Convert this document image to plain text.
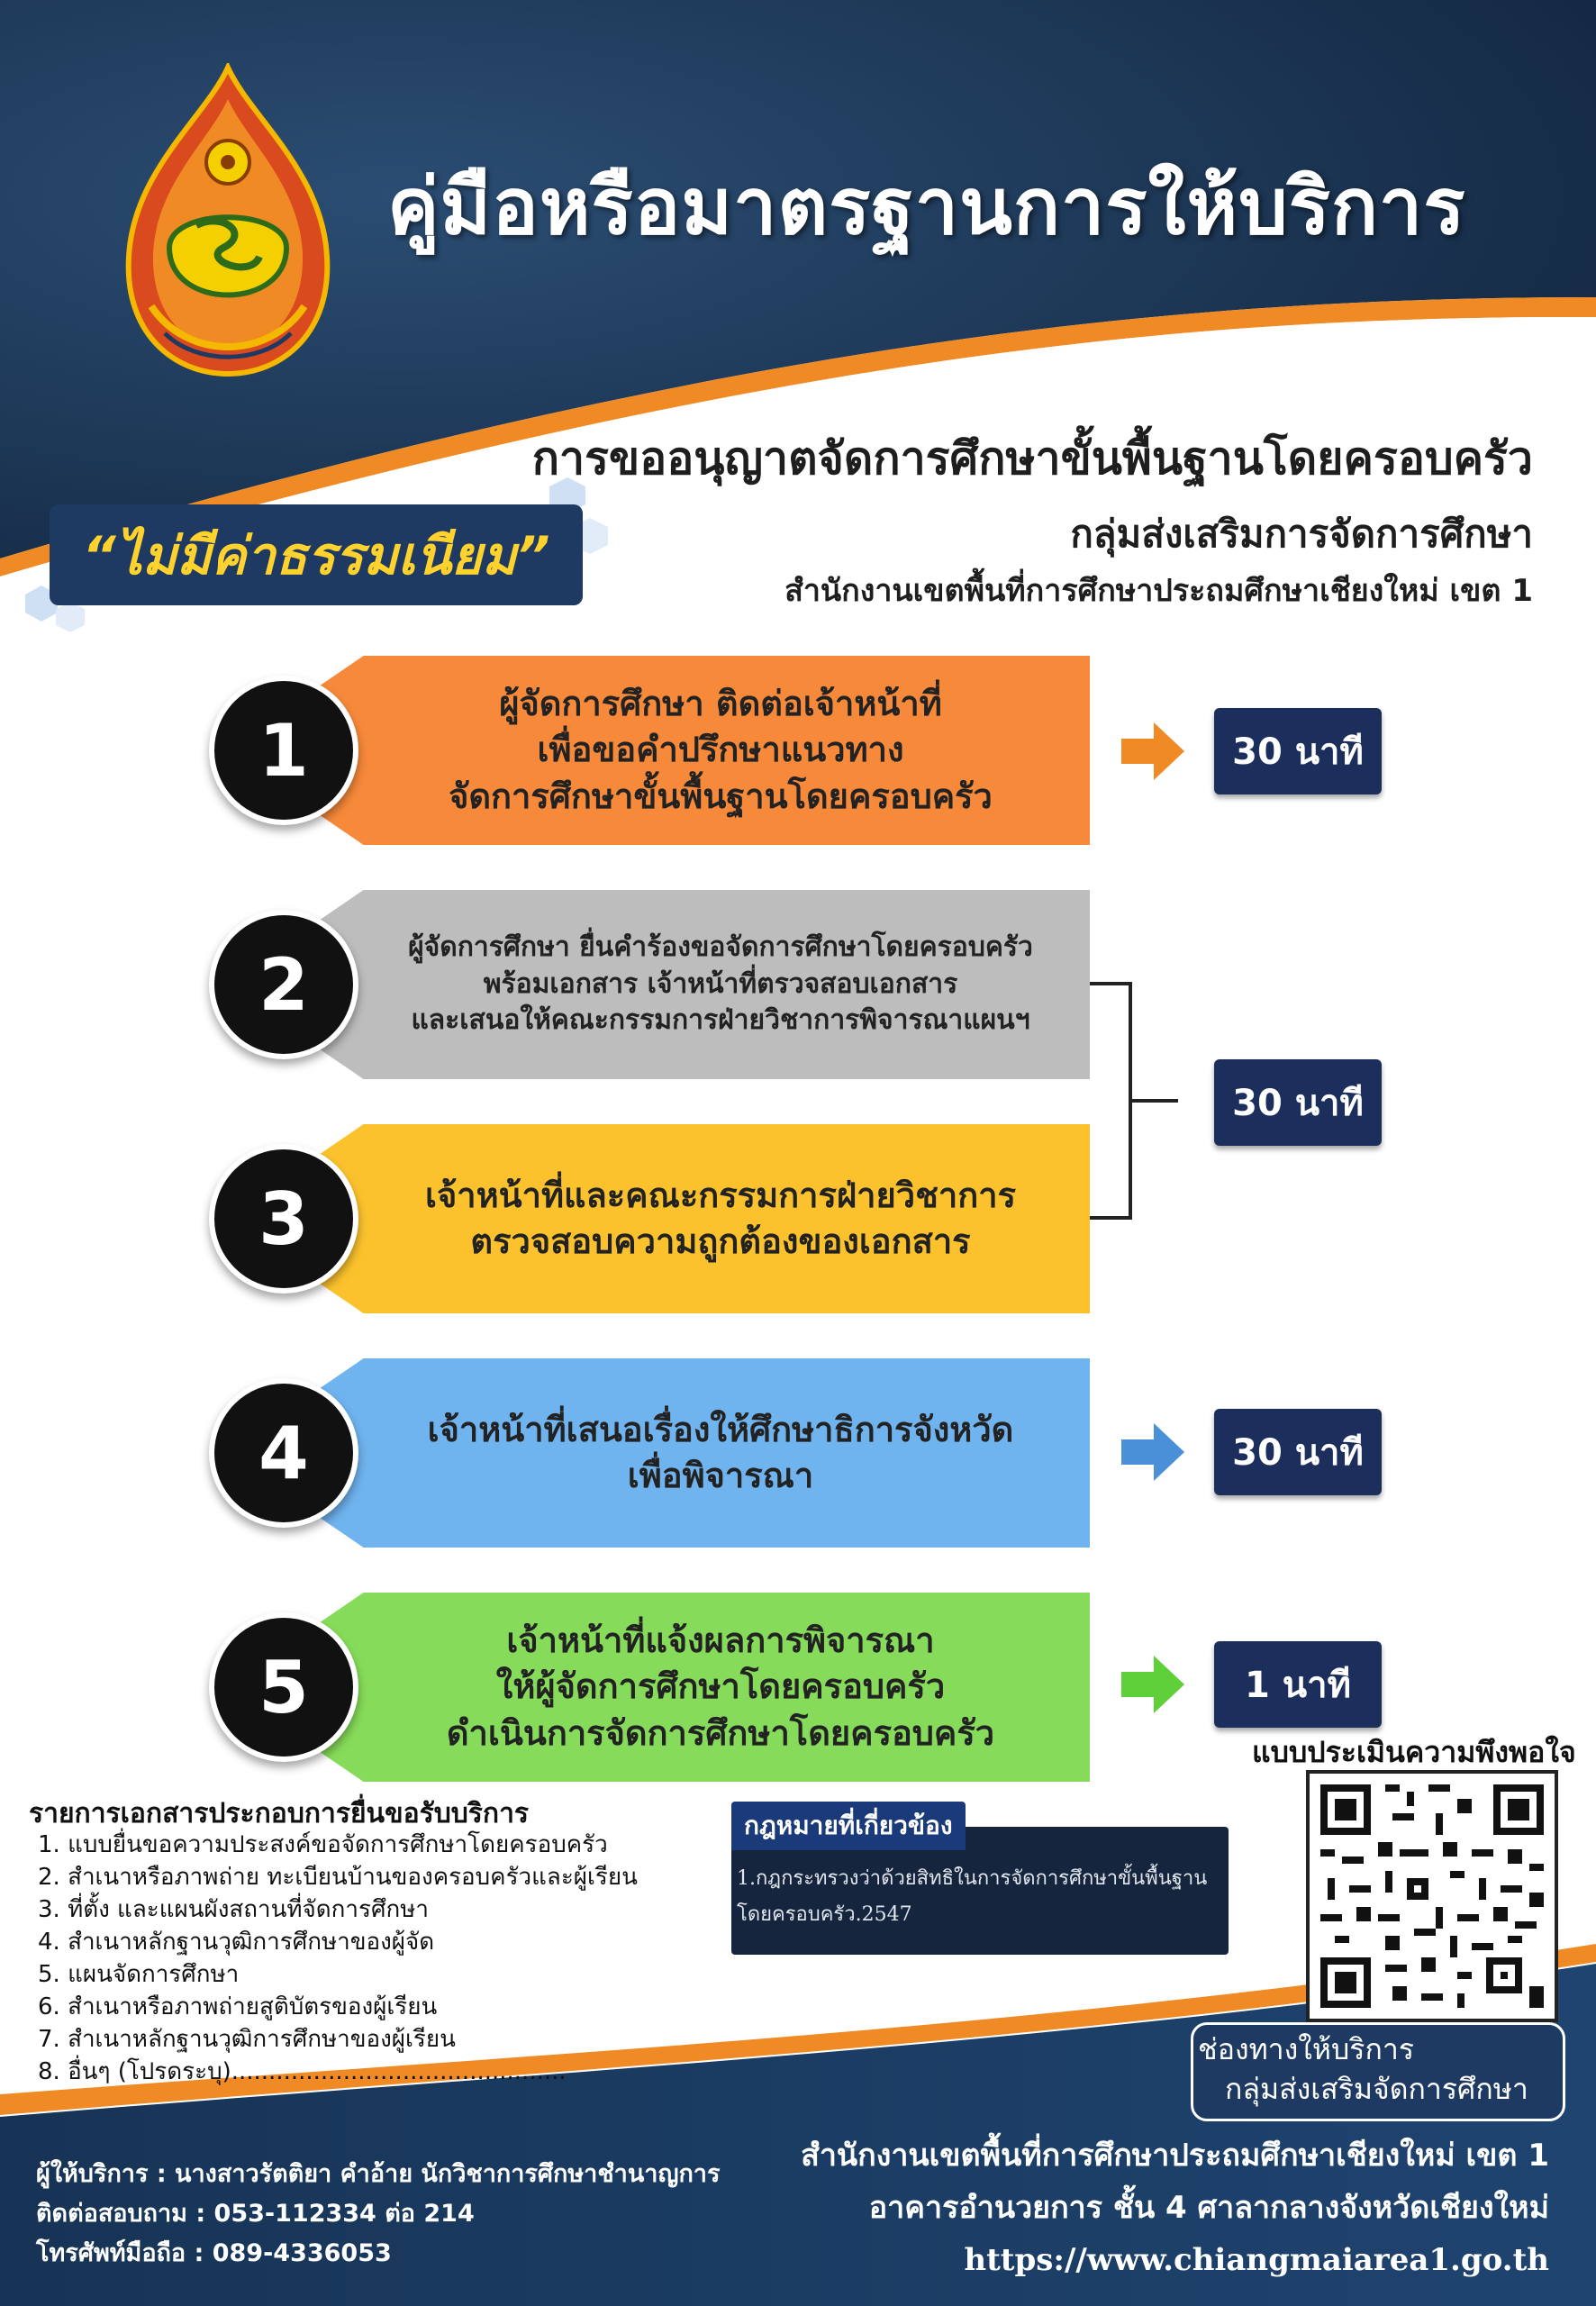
คู่มือหรือมาตรฐานการให้บริการ
การขออนุญาตจัดการศึกษาขั้นพื้นฐานโดยครอบครัว
กลุ่มส่งเสริมการจัดการศึกษา
สำนักงานเขตพื้นที่การศึกษาประถมศึกษาเชียงใหม่ เขต 1
“ไม่มีค่าธรรมเนียม”
1
ผู้จัดการศึกษา ติดต่อเจ้าหน้าที่
เพื่อขอคำปรึกษาแนวทาง
จัดการศึกษาขั้นพื้นฐานโดยครอบครัว
30 นาที
2	ผู้จัดการศึกษา ยื่นคำร้องขอจัดการศึกษาโดยครอบครัว
พร้อมเอกสาร เจ้าหน้าที่ตรวจสอบเอกสาร
และเสนอให้คณะกรรมการฝ่ายวิชาการพิจารณาแผนฯ
3	เจ้าหน้าที่และคณะกรรมการฝ่ายวิชาการ
ตรวจสอบความถูกต้องของเอกสาร
30 นาที
4	เจ้าหน้าที่เสนอเรื่องให้ศึกษาธิการจังหวัด
เพื่อพิจารณา
30 นาที
5
เจ้าหน้าที่แจ้งผลการพิจารณา
ให้ผู้จัดการศึกษาโดยครอบครัว
ดำเนินการจัดการศึกษาโดยครอบครัว
1 นาที
รายการเอกสารประกอบการยื่นขอรับบริการ
1. แบบยื่นขอความประสงค์ขอจัดการศึกษาโดยครอบครัว
2. สำเนาหรือภาพถ่าย ทะเบียนบ้านของครอบครัวและผู้เรียน
3. ที่ตั้ง และแผนผังสถานที่จัดการศึกษา
4. สำเนาหลักฐานวุฒิการศึกษาของผู้จัด
5. แผนจัดการศึกษา
6. สำเนาหรือภาพถ่ายสูติบัตรของผู้เรียน
7. สำเนาหลักฐานวุฒิการศึกษาของผู้เรียน
8. อื่นๆ (โปรดระบุ).............................................
กฎหมายที่เกี่ยวข้อง
1.กฎกระทรวงว่าด้วยสิทธิในการจัดการศึกษาขั้นพื้นฐาน
โดยครอบครัว.2547
แบบประเมินความพึงพอใจ
ช่องทางให้บริการ
กลุ่มส่งเสริมจัดการศึกษา
ผู้ให้บริการ : นางสาวรัตติยา คำอ้าย นักวิชาการศึกษาชำนาญการ
ติดต่อสอบถาม : 053-112334 ต่อ 214
โทรศัพท์มือถือ : 089-4336053
สำนักงานเขตพื้นที่การศึกษาประถมศึกษาเชียงใหม่ เขต 1
อาคารอำนวยการ ชั้น 4 ศาลากลางจังหวัดเชียงใหม่
https://www.chiangmaiarea1.go.th
